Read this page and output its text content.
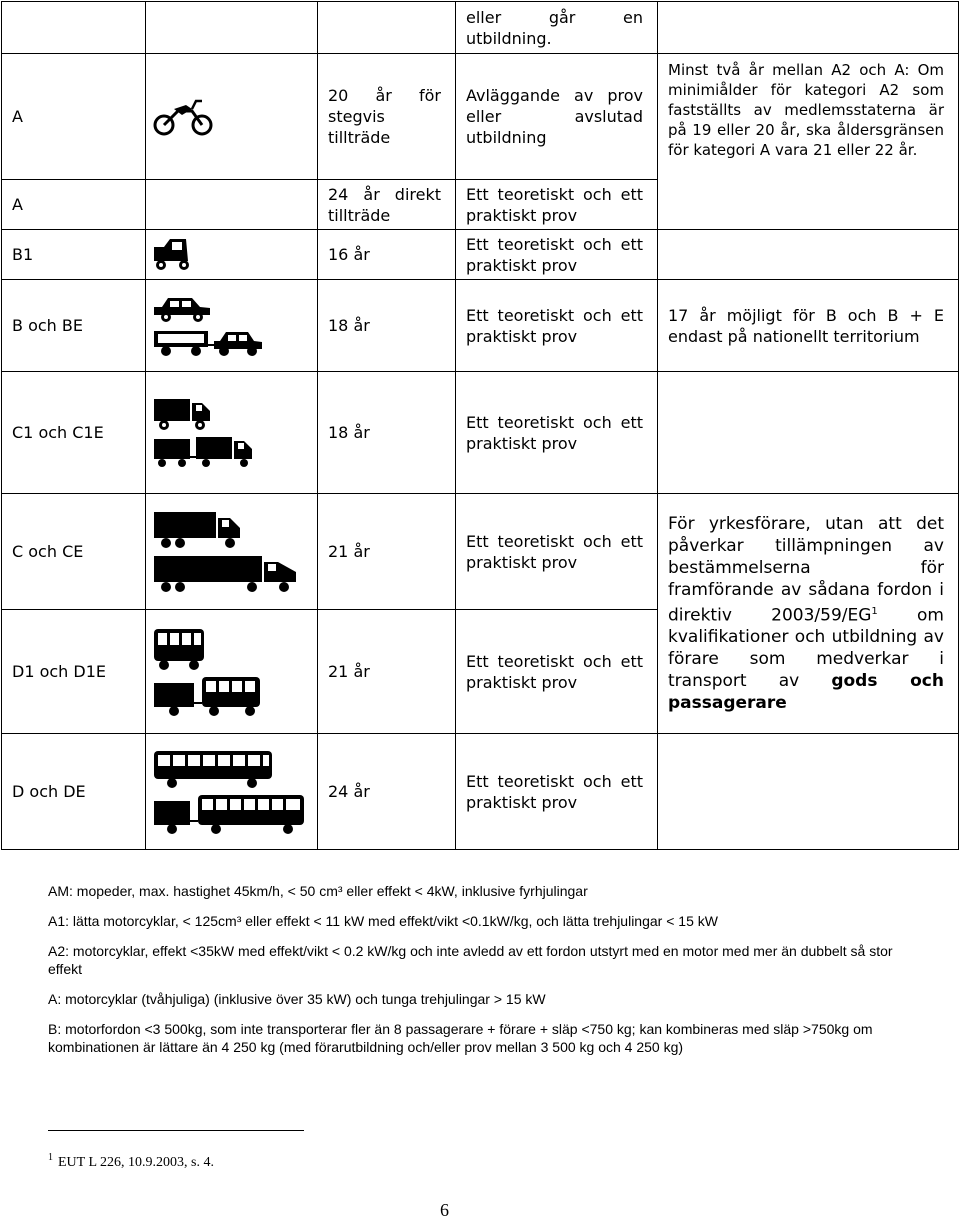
			eller går en utbildning.	
A		20 år för stegvis tillträde	Avläggande av prov eller avslutad utbildning	Minst två år mellan A2 och A: Om minimiålder för kategori A2 som fastställts av medlemsstaterna är på 19 eller 20 år, ska åldersgränsen för kategori A vara 21 eller 22 år.
A		24 år direkt tillträde	Ett teoretiskt och ett praktiskt prov	
B1		16 år	Ett teoretiskt och ett praktiskt prov	
B och BE		18 år	Ett teoretiskt och ett praktiskt prov	17 år möjligt för B och B + E endast på nationellt territorium
C1 och C1E		18 år	Ett teoretiskt och ett praktiskt prov	
C och CE		21 år	Ett teoretiskt och ett praktiskt prov	För yrkesförare, utan att det påverkar tillämpningen av bestämmelserna för framförande av sådana fordon i direktiv $2003/59/EG^1$ om kvalifikationer och utbildning av förare som medverkar i transport av gods och passagerare
D1 och D1E		21 år	Ett teoretiskt och ett praktiskt prov	
D och DE		24 år	Ett teoretiskt och ett praktiskt prov	

AM: mopeder, max. hastighet 45km/h, < 50 cm³ eller effekt < 4kW, inklusive fyrhjulingar

A1: lätta motorcyklar, < 125cm³ eller effekt < 11 kW med effekt/vikt <0.1kW/kg, och lätta trehjulingar < 15 kW

A2: motorcyklar, effekt <35kW med effekt/vikt < 0.2 kW/kg och inte avledd av ett fordon utstyrt med en motor med mer än dubbelt så stor effekt

A: motorcyklar (tvåhjuliga) (inklusive över 35 kW) och tunga trehjulingar > 15 kW

B: motorfordon <3 500kg, som inte transporterar fler än 8 passagerare + förare + släp <750 kg; kan kombineras med släp >750kg om kombinationen är lättare än 4 250 kg (med förarutbildning och/eller prov mellan 3 500 kg och 4 250 kg)

$^1$ EUT L 226, 10.9.2003, s. 4.
6
